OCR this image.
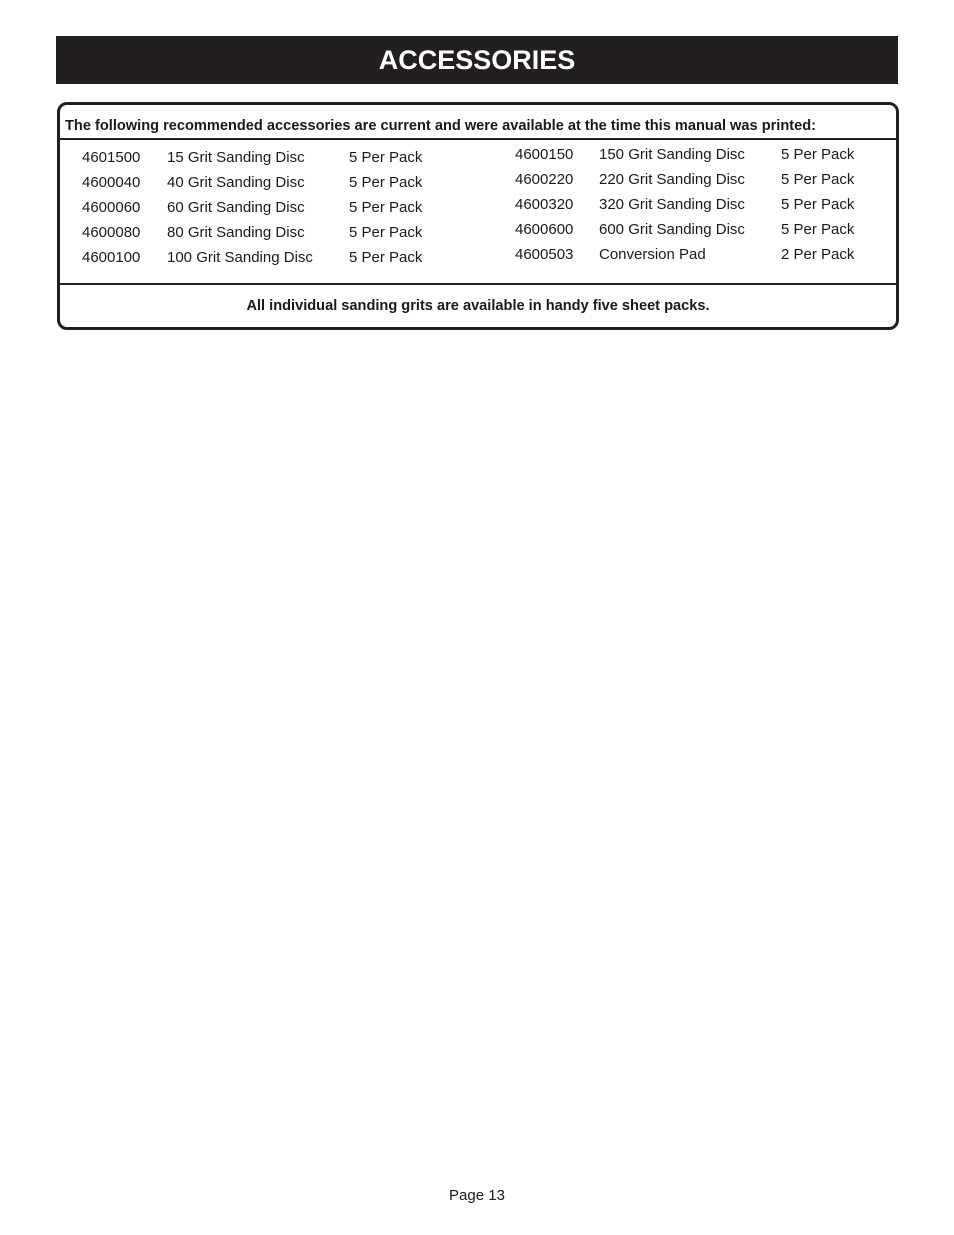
ACCESSORIES
The following recommended accessories are current and were available at the time this manual was printed:
4601500 15 Grit Sanding Disc	5 Per Pack
4600040 40 Grit Sanding Disc	5 Per Pack
4600060 60 Grit Sanding Disc	5 Per Pack
4600080 80 Grit Sanding Disc	5 Per Pack
4600100 100 Grit Sanding Disc 5 Per Pack
4600150 150 Grit Sanding Disc 5 Per Pack
4600220 220 Grit Sanding Disc 5 Per Pack
4600320 320 Grit Sanding Disc 5 Per Pack
4600600 600 Grit Sanding Disc 5 Per Pack
4600503 Conversion Pad	2 Per Pack
All individual sanding grits are available in handy five sheet packs.
Page 13
